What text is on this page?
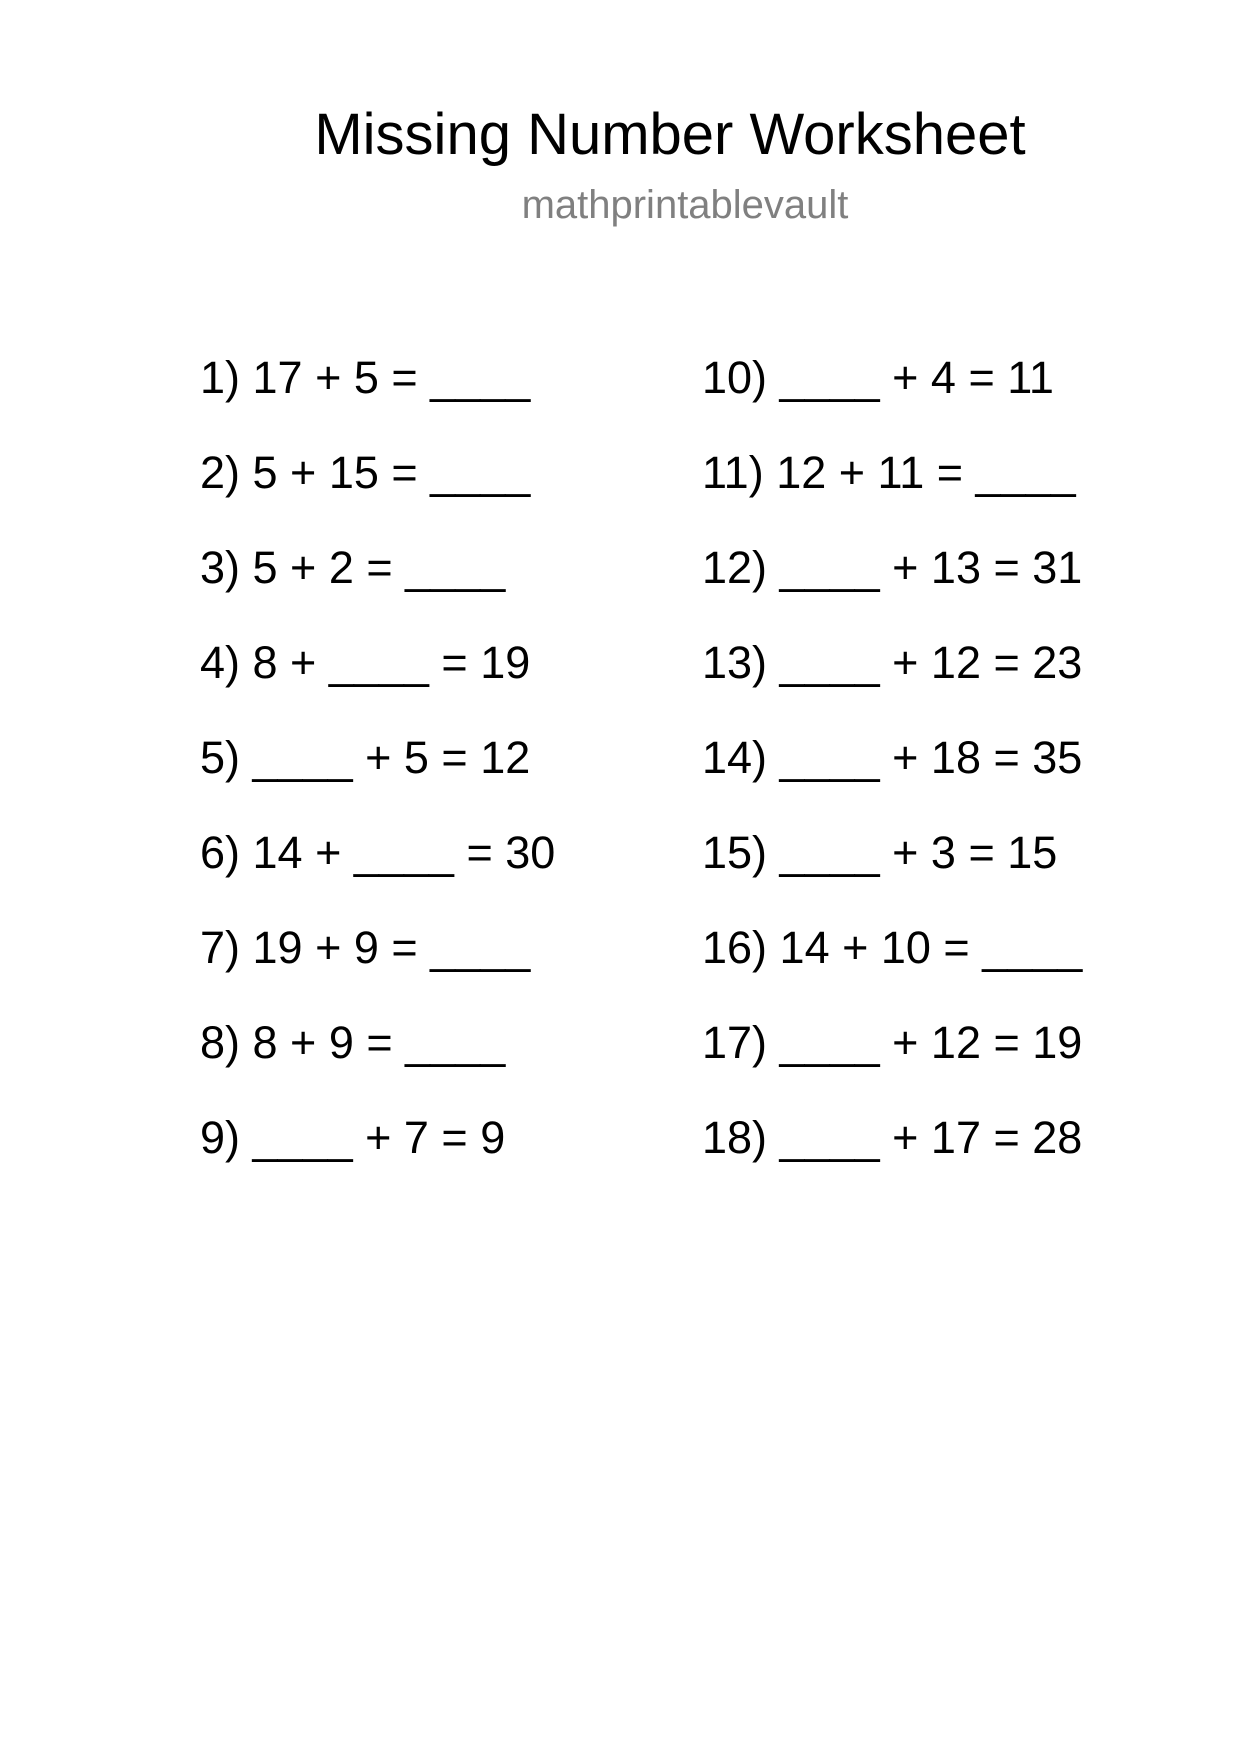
Missing Number Worksheet
mathprintablevault
1) 17 + 5 = ____
2) 5 + 15 = ____
3) 5 + 2 = ____
4) 8 + ____ = 19
5) ____ + 5 = 12
6) 14 + ____ = 30
7) 19 + 9 = ____
8) 8 + 9 = ____
9) ____ + 7 = 9
10) ____ + 4 = 11
11) 12 + 11 = ____
12) ____ + 13 = 31
13) ____ + 12 = 23
14) ____ + 18 = 35
15) ____ + 3 = 15
16) 14 + 10 = ____
17) ____ + 12 = 19
18) ____ + 17 = 28
